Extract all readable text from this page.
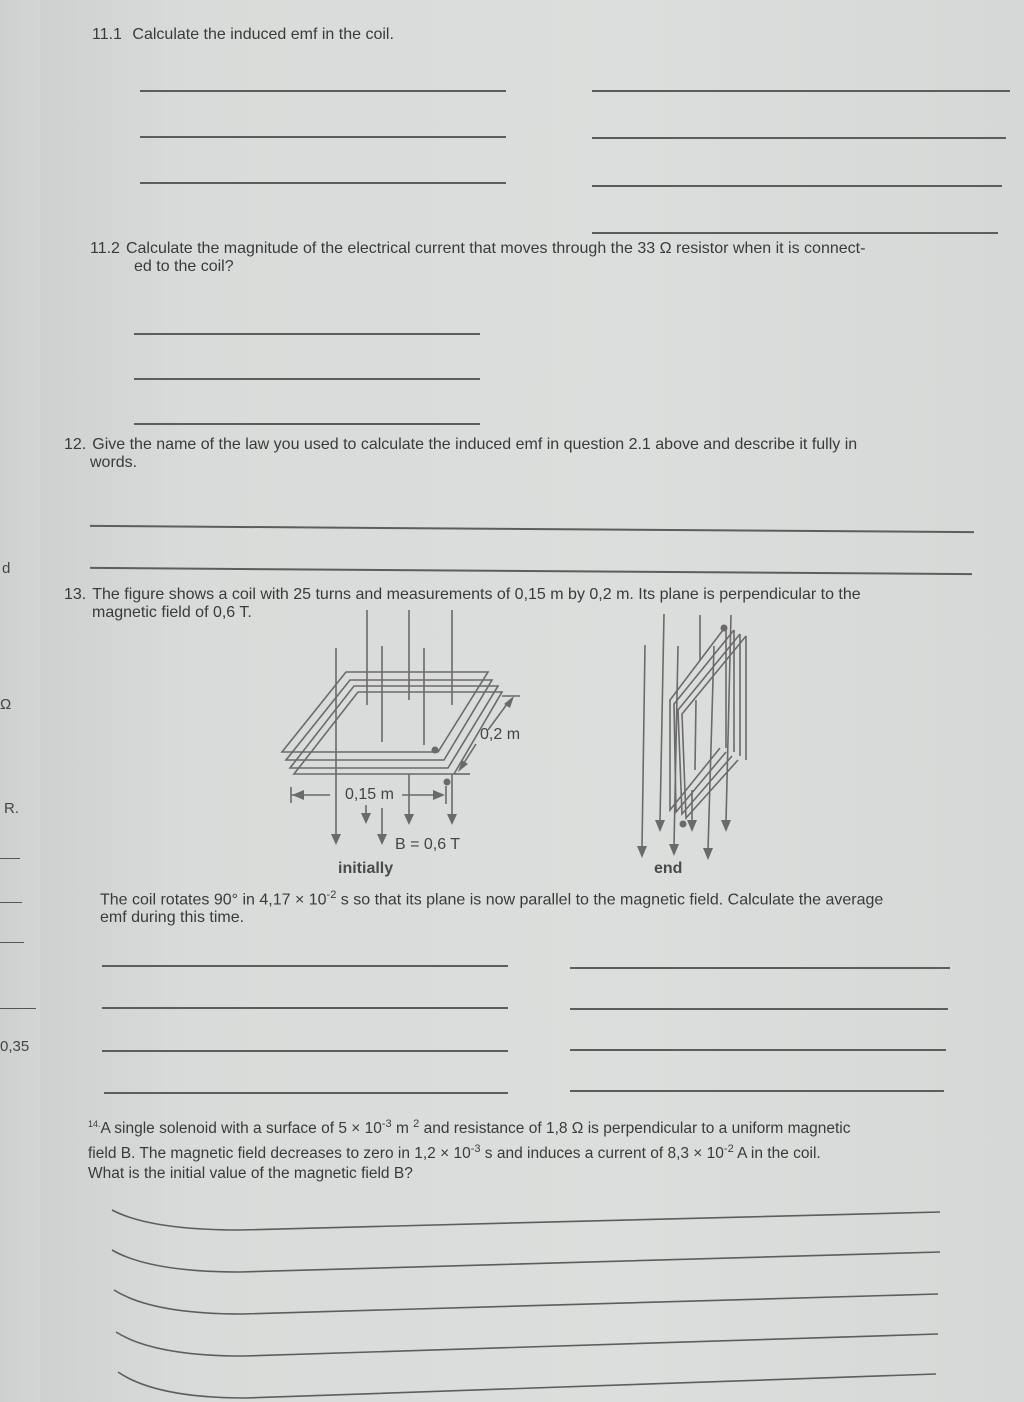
d
Ω
R.
0,35
11.1 Calculate the induced emf in the coil.
11.2 Calculate the magnitude of the electrical current that moves through the 33 Ω resistor when it is connect-
ed to the coil?
12. Give the name of the law you used to calculate the induced emf in question 2.1 above and describe it fully in
words.
13. The figure shows a coil with 25 turns and measurements of 0,15 m by 0,2 m. Its plane is perpendicular to the
magnetic field of 0,6 T.
0,2 m
0,15 m
B = 0,6 T
initially	end
The coil rotates 90° in $4,17 \times 10^{-2}$ s so that its plane is now parallel to the magnetic field. Calculate the average
emf during this time.
$^{14.}$A single solenoid with a surface of $5 \times 10^{-3}$ m $^2$ and resistance of 1,8 Ω is perpendicular to a uniform magnetic
field B. The magnetic field decreases to zero in $1,2 \times 10^{-3}$ s and induces a current of $8,3 \times 10^{-2}$ A in the coil.
What is the initial value of the magnetic field B?
